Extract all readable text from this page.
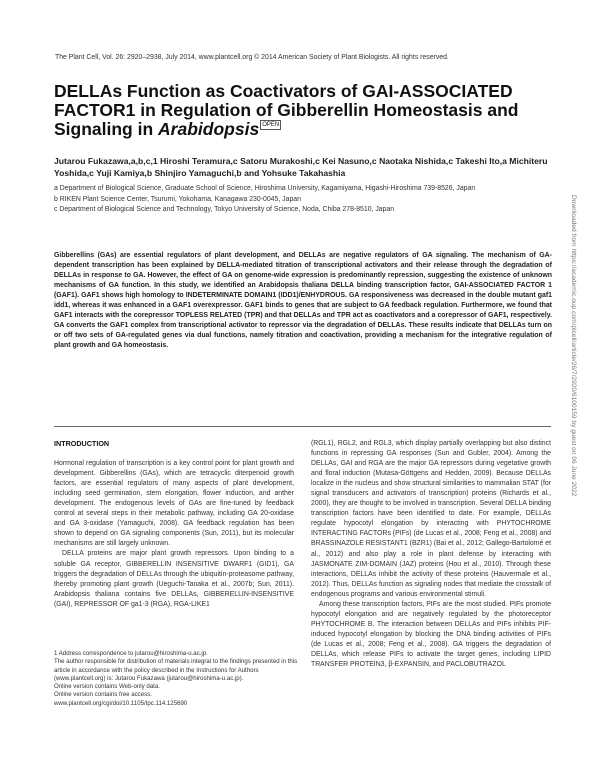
The Plant Cell, Vol. 26: 2920–2938, July 2014, www.plantcell.org © 2014 American Society of Plant Biologists. All rights reserved.
DELLAs Function as Coactivators of GAI-ASSOCIATED FACTOR1 in Regulation of Gibberellin Homeostasis and Signaling in Arabidopsis OPEN
Jutarou Fukazawa,a,b,c,1 Hiroshi Teramura,c Satoru Murakoshi,c Kei Nasuno,c Naotaka Nishida,c Takeshi Ito,a Michiteru Yoshida,c Yuji Kamiya,b Shinjiro Yamaguchi,b and Yohsuke Takahashia
a Department of Biological Science, Graduate School of Science, Hiroshima University, Kagamiyama, Higashi-Hiroshima 739-8526, Japan
b RIKEN Plant Science Center, Tsurumi, Yokohama, Kanagawa 230-0045, Japan
c Department of Biological Science and Technology, Tokyo University of Science, Noda, Chiba 278-8510, Japan
Gibberellins (GAs) are essential regulators of plant development, and DELLAs are negative regulators of GA signaling. The mechanism of GA-dependent transcription has been explained by DELLA-mediated titration of transcriptional activators and their release through the degradation of DELLAs in response to GA. However, the effect of GA on genome-wide expression is predominantly repression, suggesting the existence of unknown mechanisms of GA function. In this study, we identified an Arabidopsis thaliana DELLA binding transcription factor, GAI-ASSOCIATED FACTOR 1 (GAF1). GAF1 shows high homology to INDETERMINATE DOMAIN1 (IDD1)/ENHYDROUS. GA responsiveness was decreased in the double mutant gaf1 idd1, whereas it was enhanced in a GAF1 overexpressor. GAF1 binds to genes that are subject to GA feedback regulation. Furthermore, we found that GAF1 interacts with the corepressor TOPLESS RELATED (TPR) and that DELLAs and TPR act as coactivators and a corepressor of GAF1, respectively. GA converts the GAF1 complex from transcriptional activator to repressor via the degradation of DELLAs. These results indicate that DELLAs turn on or off two sets of GA-regulated genes via dual functions, namely titration and coactivation, providing a mechanism for the integrative regulation of plant growth and GA homeostasis.
INTRODUCTION

Hormonal regulation of transcription is a key control point for plant growth and development. Gibberellins (GAs), which are tetracyclic diterpenoid growth factors, are essential regulators of many aspects of plant development, including seed germination, stem elongation, flower induction, and anther development. The endogenous levels of GAs are fine-tuned by feedback control at several steps in their metabolic pathway, including GA 20-oxidase and GA 3-oxidase (Yamaguchi, 2008). GA feedback regulation has been shown to depend on GA signaling components (Sun, 2011), but its molecular mechanisms are still largely unknown.

DELLA proteins are major plant growth repressors. Upon binding to a soluble GA receptor, GIBBERELLIN INSENSITIVE DWARF1 (GID1), GA triggers the degradation of DELLAs through the ubiquitin-proteasome pathway, thereby promoting plant growth (Ueguchi-Tanaka et al., 2007b; Sun, 2011). Arabidopsis thaliana contains five DELLAs, GIBBERELLIN-INSENSITIVE (GAI), REPRESSOR OF ga1-3 (RGA), RGA-LIKE1

(RGL1), RGL2, and RGL3, which display partially overlapping but also distinct functions in repressing GA responses (Sun and Gubler, 2004). Among the DELLAs, GAI and RGA are the major GA repressors during vegetative growth and floral induction (Mutasa-Göttgens and Hedden, 2009). Because DELLAs localize in the nucleus and show structural similarities to mammalian STAT (for signal transducers and activators of transcription) proteins (Richards et al., 2000), they are thought to be involved in transcription. Several DELLA binding transcription factors have been identified to date. For example, DELLAs regulate hypocotyl elongation by interacting with PHYTOCHROME INTERACTING FACTORs (PIFs) (de Lucas et al., 2008; Feng et al., 2008) and BRASSINAZOLE RESISTANT1 (BZR1) (Bai et al., 2012; Gallego-Bartolomé et al., 2012) and also play a role in plant defense by interacting with JASMONATE ZIM-DOMAIN (JAZ) proteins (Hou et al., 2010). Through these interactions, DELLAs inhibit the activity of these proteins (Hauvermale et al., 2012). Thus, DELLAs function as signaling nodes that mediate the crosstalk of endogenous programs and various environmental stimuli.

Among these transcription factors, PIFs are the most studied. PIFs promote hypocotyl elongation and are negatively regulated by the photoreceptor PHYTOCHROME B. The interaction between DELLAs and PIFs inhibits PIF-induced hypocotyl elongation by blocking the DNA binding activities of PIFs (de Lucas et al., 2008; Feng et al., 2008). GA triggers the degradation of DELLAs, which release PIFs to activate the target genes, including LIPID TRANSFER PROTEIN3, β-EXPANSIN, and PACLOBUTRAZOL

1 Address correspondence to jutarou@hiroshima-u.ac.jp.
The author responsible for distribution of materials integral to the findings presented in this article in accordance with the policy described in the Instructions for Authors (www.plantcell.org) is: Jutarou Fukazawa (jutarou@hiroshima-u.ac.jp).
Online version contains Web-only data.
Online version contains free access.
www.plantcell.org/cgi/doi/10.1105/tpc.114.125690
Downloaded from https://academic.oup.com/plcell/article/26/7/2920/6100159 by guest on 06 June 2022
